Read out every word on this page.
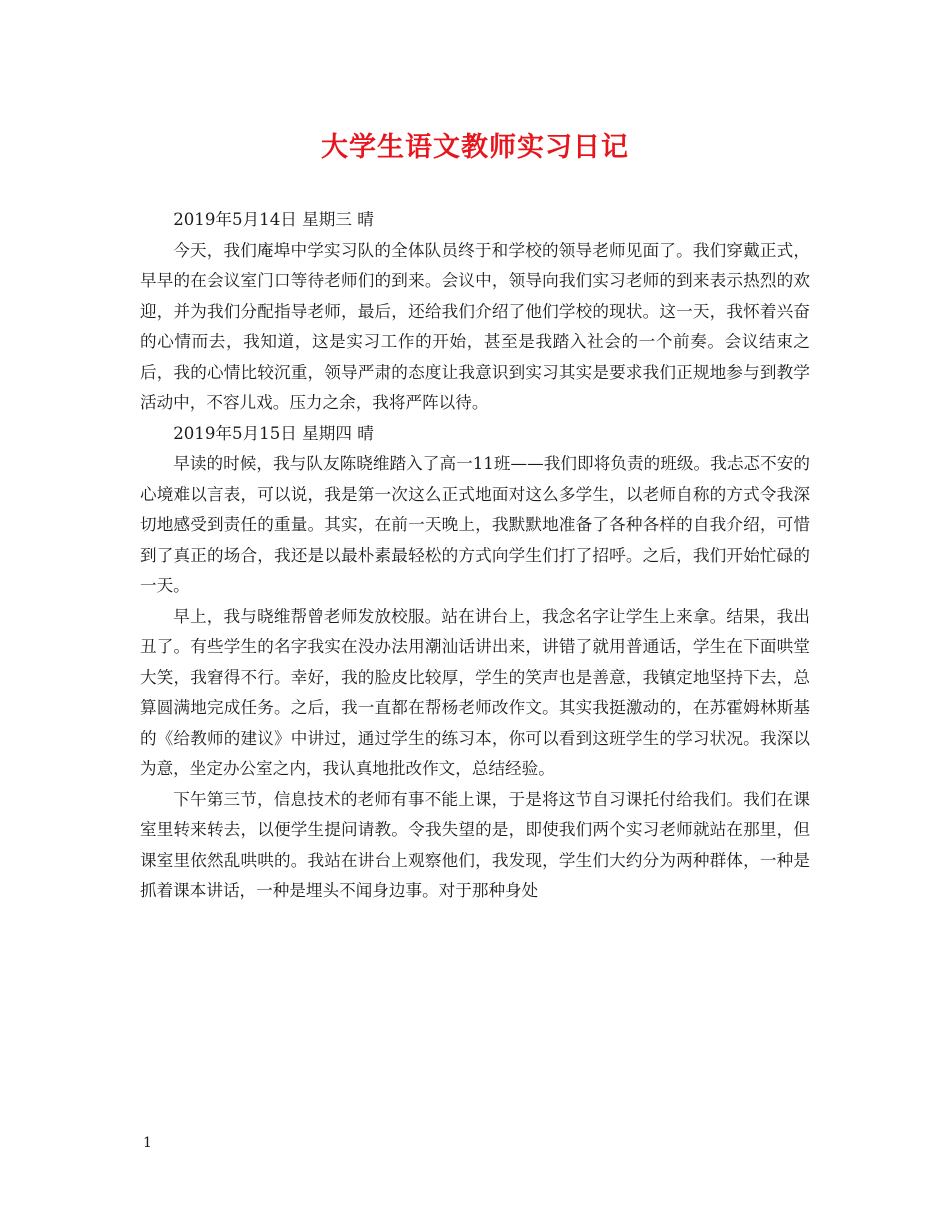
大学生语文教师实习日记

2019年5月14日 星期三 晴

今天，我们庵埠中学实习队的全体队员终于和学校的领导老师见面了。我们穿戴正式，早早的在会议室门口等待老师们的到来。会议中，领导向我们实习老师的到来表示热烈的欢迎，并为我们分配指导老师，最后，还给我们介绍了他们学校的现状。这一天，我怀着兴奋的心情而去，我知道，这是实习工作的开始，甚至是我踏入社会的一个前奏。会议结束之后，我的心情比较沉重，领导严肃的态度让我意识到实习其实是要求我们正规地参与到教学活动中，不容儿戏。压力之余，我将严阵以待。

2019年5月15日 星期四 晴

早读的时候，我与队友陈晓维踏入了高一11班——我们即将负责的班级。我忐忑不安的心境难以言表，可以说，我是第一次这么正式地面对这么多学生，以老师自称的方式令我深切地感受到责任的重量。其实，在前一天晚上，我默默地准备了各种各样的自我介绍，可惜到了真正的场合，我还是以最朴素最轻松的方式向学生们打了招呼。之后，我们开始忙碌的一天。

早上，我与晓维帮曾老师发放校服。站在讲台上，我念名字让学生上来拿。结果，我出丑了。有些学生的名字我实在没办法用潮汕话讲出来，讲错了就用普通话，学生在下面哄堂大笑，我窘得不行。幸好，我的脸皮比较厚，学生的笑声也是善意，我镇定地坚持下去，总算圆满地完成任务。之后，我一直都在帮杨老师改作文。其实我挺激动的，在苏霍姆林斯基的《给教师的建议》中讲过，通过学生的练习本，你可以看到这班学生的学习状况。我深以为意，坐定办公室之内，我认真地批改作文，总结经验。

下午第三节，信息技术的老师有事不能上课，于是将这节自习课托付给我们。我们在课室里转来转去，以便学生提问请教。令我失望的是，即使我们两个实习老师就站在那里，但课室里依然乱哄哄的。我站在讲台上观察他们，我发现，学生们大约分为两种群体，一种是抓着课本讲话，一种是埋头不闻身边事。对于那种身处

1
